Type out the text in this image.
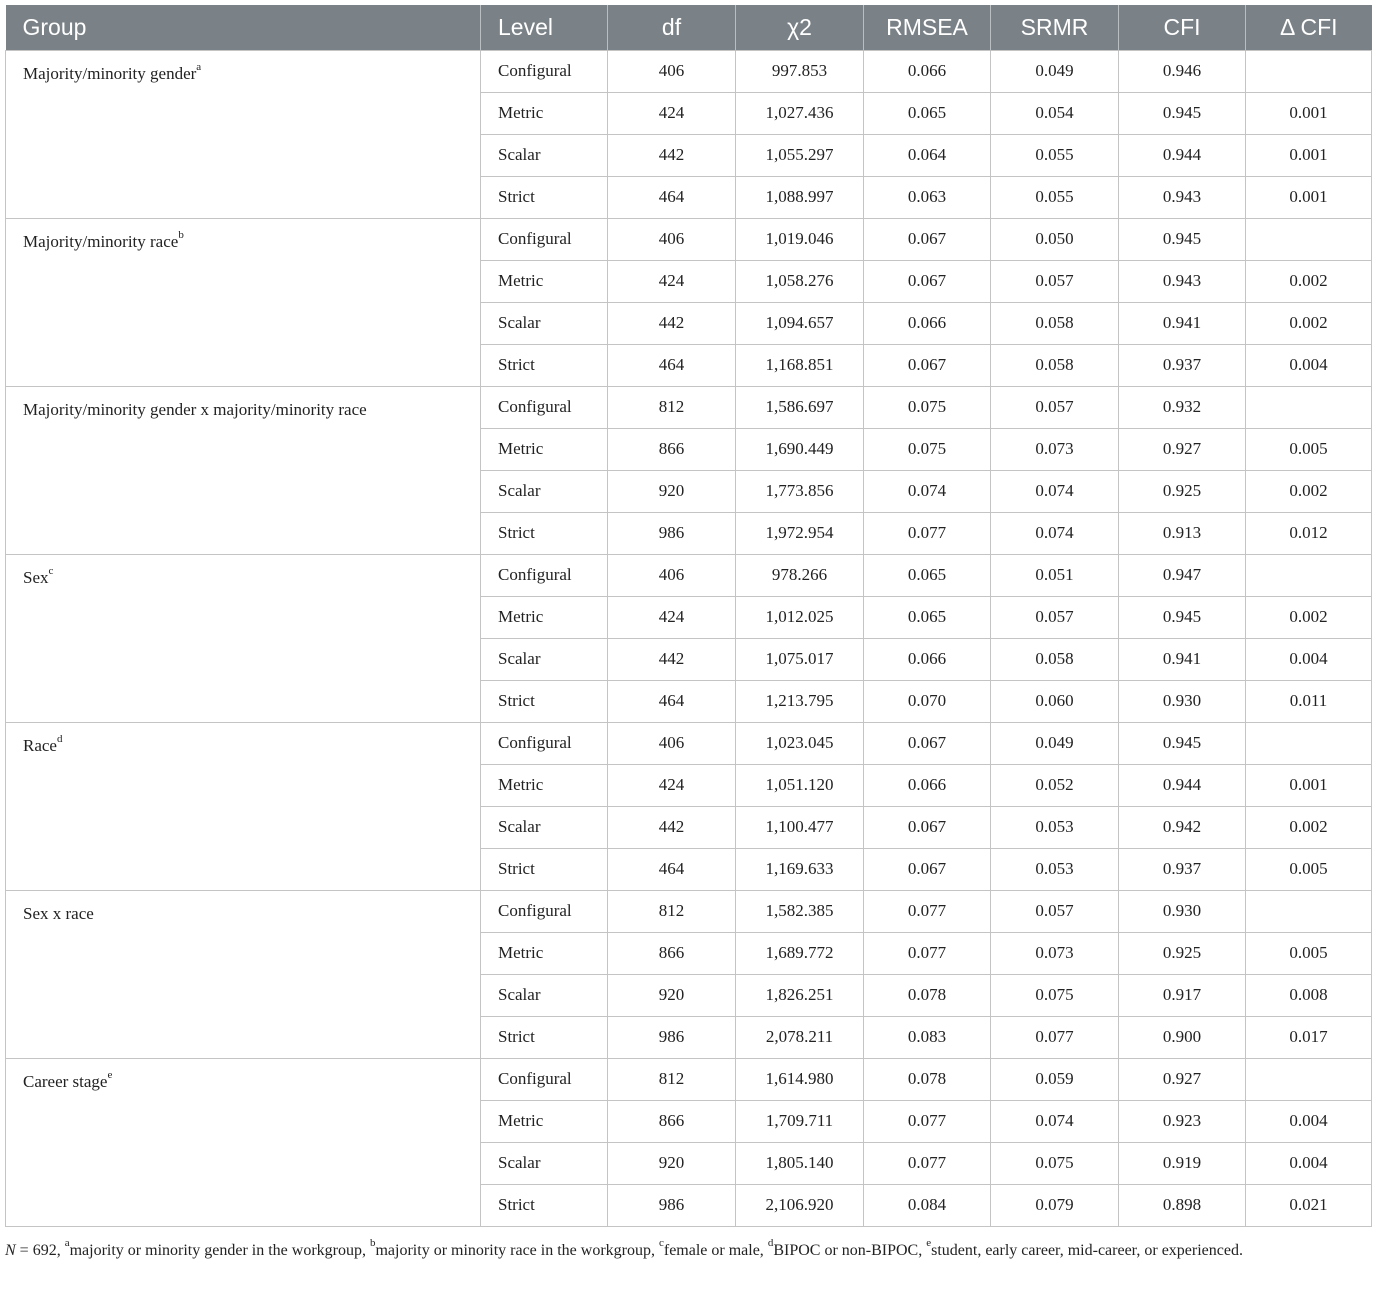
Group	Level	df	χ2	RMSEA	SRMR	CFI	Δ CFI
Majority/minority gender$^a$	Configural	406	997.853	0.066	0.049	0.946	
	Metric	424	1,027.436	0.065	0.054	0.945	0.001
	Scalar	442	1,055.297	0.064	0.055	0.944	0.001
	Strict	464	1,088.997	0.063	0.055	0.943	0.001
Majority/minority race$^b$	Configural	406	1,019.046	0.067	0.050	0.945	
	Metric	424	1,058.276	0.067	0.057	0.943	0.002
	Scalar	442	1,094.657	0.066	0.058	0.941	0.002
	Strict	464	1,168.851	0.067	0.058	0.937	0.004
Majority/minority gender x majority/minority race	Configural	812	1,586.697	0.075	0.057	0.932	
	Metric	866	1,690.449	0.075	0.073	0.927	0.005
	Scalar	920	1,773.856	0.074	0.074	0.925	0.002
	Strict	986	1,972.954	0.077	0.074	0.913	0.012
Sex$^c$	Configural	406	978.266	0.065	0.051	0.947	
	Metric	424	1,012.025	0.065	0.057	0.945	0.002
	Scalar	442	1,075.017	0.066	0.058	0.941	0.004
	Strict	464	1,213.795	0.070	0.060	0.930	0.011
Race$^d$	Configural	406	1,023.045	0.067	0.049	0.945	
	Metric	424	1,051.120	0.066	0.052	0.944	0.001
	Scalar	442	1,100.477	0.067	0.053	0.942	0.002
	Strict	464	1,169.633	0.067	0.053	0.937	0.005
Sex x race	Configural	812	1,582.385	0.077	0.057	0.930	
	Metric	866	1,689.772	0.077	0.073	0.925	0.005
	Scalar	920	1,826.251	0.078	0.075	0.917	0.008
	Strict	986	2,078.211	0.083	0.077	0.900	0.017
Career stage$^e$	Configural	812	1,614.980	0.078	0.059	0.927	
	Metric	866	1,709.711	0.077	0.074	0.923	0.004
	Scalar	920	1,805.140	0.077	0.075	0.919	0.004
	Strict	986	2,106.920	0.084	0.079	0.898	0.021
N = 692, $^a$majority or minority gender in the workgroup, $^b$majority or minority race in the workgroup, $^c$female or male, $^d$BIPOC or non-BIPOC, $^e$student, early career, mid-career, or experienced.
